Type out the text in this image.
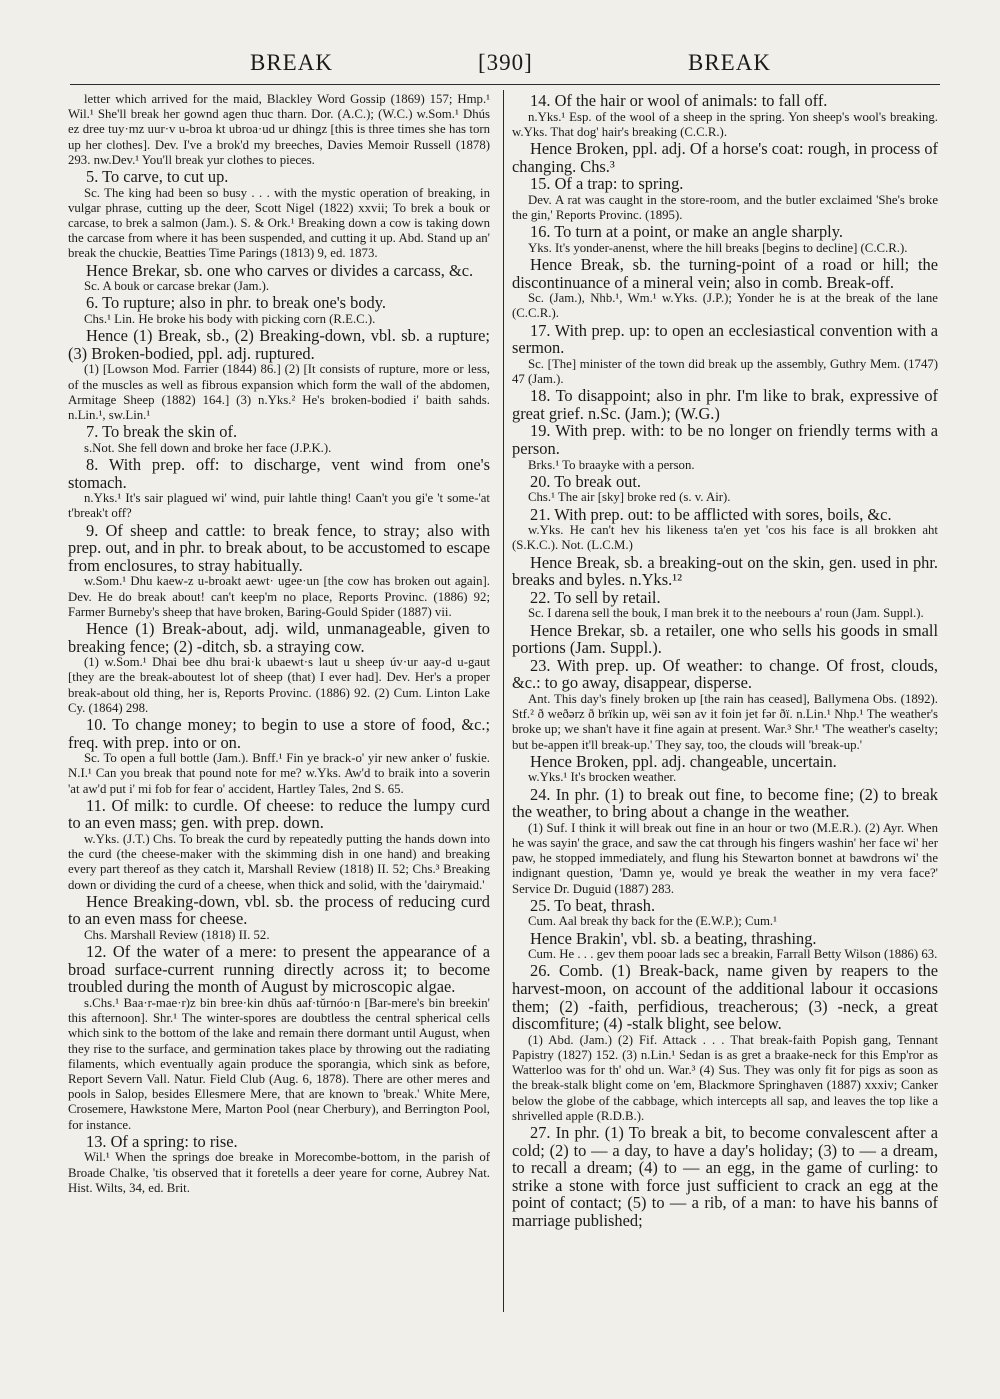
BREAK	[390]	BREAK

letter which arrived for the maid, Blackley Word Gossip (1869) 157; Hmp.¹ Wil.¹ She'll break her gownd agen thuc tharn. Dor. (A.C.); (W.C.) w.Som.¹ Dhús ez dree tuy·mz uur·v u-broa kt ubroa·ud ur dhingz [this is three times she has torn up her clothes]. Dev. I've a brok'd my breeches, Davies Memoir Russell (1878) 293. nw.Dev.¹ You'll break yur clothes to pieces.

5. To carve, to cut up.

Sc. The king had been so busy . . . with the mystic operation of breaking, in vulgar phrase, cutting up the deer, Scott Nigel (1822) xxvii; To brek a bouk or carcase, to brek a salmon (Jam.). S. & Ork.¹ Breaking down a cow is taking down the carcase from where it has been suspended, and cutting it up. Abd. Stand up an' break the chuckie, Beatties Time Parings (1813) 9, ed. 1873.

Hence Brekar, sb. one who carves or divides a carcass, &c.

Sc. A bouk or carcase brekar (Jam.).

6. To rupture; also in phr. to break one's body.

Chs.¹ Lin. He broke his body with picking corn (R.E.C.).

Hence (1) Break, sb., (2) Breaking-down, vbl. sb. a rupture; (3) Broken-bodied, ppl. adj. ruptured.

(1) [Lowson Mod. Farrier (1844) 86.] (2) [It consists of rupture, more or less, of the muscles as well as fibrous expansion which form the wall of the abdomen, Armitage Sheep (1882) 164.] (3) n.Yks.² He's broken-bodied i' baith sahds. n.Lin.¹, sw.Lin.¹

7. To break the skin of.

s.Not. She fell down and broke her face (J.P.K.).

8. With prep. off: to discharge, vent wind from one's stomach.

n.Yks.¹ It's sair plagued wi' wind, puir lahtle thing! Caan't you gi'e 't some-'at t'break't off?

9. Of sheep and cattle: to break fence, to stray; also with prep. out, and in phr. to break about, to be accustomed to escape from enclosures, to stray habitually.

w.Som.¹ Dhu kaew-z u-broakt aewt· ugee·un [the cow has broken out again]. Dev. He do break about! can't keep'm no place, Reports Provinc. (1886) 92; Farmer Burneby's sheep that have broken, Baring-Gould Spider (1887) vii.

Hence (1) Break-about, adj. wild, unmanageable, given to breaking fence; (2) -ditch, sb. a straying cow.

(1) w.Som.¹ Dhai bee dhu brai·k ubaewt·s laut u sheep úv·ur aay-d u-gaut [they are the break-aboutest lot of sheep (that) I ever had]. Dev. Her's a proper break-about old thing, her is, Reports Provinc. (1886) 92. (2) Cum. Linton Lake Cy. (1864) 298.

10. To change money; to begin to use a store of food, &c.; freq. with prep. into or on.

Sc. To open a full bottle (Jam.). Bnff.¹ Fin ye brack-o' yir new anker o' fuskie. N.I.¹ Can you break that pound note for me? w.Yks. Aw'd to braik into a soverin 'at aw'd put i' mi fob for fear o' accident, Hartley Tales, 2nd S. 65.

11. Of milk: to curdle. Of cheese: to reduce the lumpy curd to an even mass; gen. with prep. down.

w.Yks. (J.T.) Chs. To break the curd by repeatedly putting the hands down into the curd (the cheese-maker with the skimming dish in one hand) and breaking every part thereof as they catch it, Marshall Review (1818) II. 52; Chs.³ Breaking down or dividing the curd of a cheese, when thick and solid, with the 'dairymaid.'

Hence Breaking-down, vbl. sb. the process of reducing curd to an even mass for cheese.

Chs. Marshall Review (1818) II. 52.

12. Of the water of a mere: to present the appearance of a broad surface-current running directly across it; to become troubled during the month of August by microscopic algae.

s.Chs.¹ Baa·r-mae·r)z bin bree·kin dhŭs aaf·tŭrnóo·n [Bar-mere's bin breekin' this afternoon]. Shr.¹ The winter-spores are doubtless the central spherical cells which sink to the bottom of the lake and remain there dormant until August, when they rise to the surface, and germination takes place by throwing out the radiating filaments, which eventually again produce the sporangia, which sink as before, Report Severn Vall. Natur. Field Club (Aug. 6, 1878). There are other meres and pools in Salop, besides Ellesmere Mere, that are known to 'break.' White Mere, Crosemere, Hawkstone Mere, Marton Pool (near Cherbury), and Berrington Pool, for instance.

13. Of a spring: to rise.

Wil.¹ When the springs doe breake in Morecombe-bottom, in the parish of Broade Chalke, 'tis observed that it foretells a deer yeare for corne, Aubrey Nat. Hist. Wilts, 34, ed. Brit.

14. Of the hair or wool of animals: to fall off.

n.Yks.¹ Esp. of the wool of a sheep in the spring. Yon sheep's wool's breaking. w.Yks. That dog' hair's breaking (C.C.R.).

Hence Broken, ppl. adj. Of a horse's coat: rough, in process of changing. Chs.³

15. Of a trap: to spring.

Dev. A rat was caught in the store-room, and the butler exclaimed 'She's broke the gin,' Reports Provinc. (1895).

16. To turn at a point, or make an angle sharply.

Yks. It's yonder-anenst, where the hill breaks [begins to decline] (C.C.R.).

Hence Break, sb. the turning-point of a road or hill; the discontinuance of a mineral vein; also in comb. Break-off.

Sc. (Jam.), Nhb.¹, Wm.¹ w.Yks. (J.P.); Yonder he is at the break of the lane (C.C.R.).

17. With prep. up: to open an ecclesiastical convention with a sermon.

Sc. [The] minister of the town did break up the assembly, Guthry Mem. (1747) 47 (Jam.).

18. To disappoint; also in phr. I'm like to brak, expressive of great grief. n.Sc. (Jam.); (W.G.)

19. With prep. with: to be no longer on friendly terms with a person.

Brks.¹ To braayke with a person.

20. To break out.

Chs.¹ The air [sky] broke red (s. v. Air).

21. With prep. out: to be afflicted with sores, boils, &c.

w.Yks. He can't hev his likeness ta'en yet 'cos his face is all brokken aht (S.K.C.). Not. (L.C.M.)

Hence Break, sb. a breaking-out on the skin, gen. used in phr. breaks and byles. n.Yks.¹²

22. To sell by retail.

Sc. I darena sell the bouk, I man brek it to the neebours a' roun (Jam. Suppl.).

Hence Brekar, sb. a retailer, one who sells his goods in small portions (Jam. Suppl.).

23. With prep. up. Of weather: to change. Of frost, clouds, &c.: to go away, disappear, disperse.

Ant. This day's finely broken up [the rain has ceased], Ballymena Obs. (1892). Stf.² ð weðərz ð brïkin up, wëi sən av it foin jet fər ðï. n.Lin.¹ Nhp.¹ The weather's broke up; we shan't have it fine again at present. War.³ Shr.¹ 'The weather's caselty; but be-appen it'll break-up.' They say, too, the clouds will 'break-up.'

Hence Broken, ppl. adj. changeable, uncertain.

w.Yks.¹ It's brocken weather.

24. In phr. (1) to break out fine, to become fine; (2) to break the weather, to bring about a change in the weather.

(1) Suf. I think it will break out fine in an hour or two (M.E.R.). (2) Ayr. When he was sayin' the grace, and saw the cat through his fingers washin' her face wi' her paw, he stopped immediately, and flung his Stewarton bonnet at bawdrons wi' the indignant question, 'Damn ye, would ye break the weather in my vera face?' Service Dr. Duguid (1887) 283.

25. To beat, thrash.

Cum. Aal break thy back for the (E.W.P.); Cum.¹

Hence Brakin', vbl. sb. a beating, thrashing.

Cum. He . . . gev them pooar lads sec a breakin, Farrall Betty Wilson (1886) 63.

26. Comb. (1) Break-back, name given by reapers to the harvest-moon, on account of the additional labour it occasions them; (2) -faith, perfidious, treacherous; (3) -neck, a great discomfiture; (4) -stalk blight, see below.

(1) Abd. (Jam.) (2) Fif. Attack . . . That break-faith Popish gang, Tennant Papistry (1827) 152. (3) n.Lin.¹ Sedan is as gret a braake-neck for this Emp'ror as Watterloo was for th' ohd un. War.³ (4) Sus. They was only fit for pigs as soon as the break-stalk blight come on 'em, Blackmore Springhaven (1887) xxxiv; Canker below the globe of the cabbage, which intercepts all sap, and leaves the top like a shrivelled apple (R.D.B.).

27. In phr. (1) To break a bit, to become convalescent after a cold; (2) to — a day, to have a day's holiday; (3) to — a dream, to recall a dream; (4) to — an egg, in the game of curling: to strike a stone with force just sufficient to crack an egg at the point of contact; (5) to — a rib, of a man: to have his banns of marriage published;
